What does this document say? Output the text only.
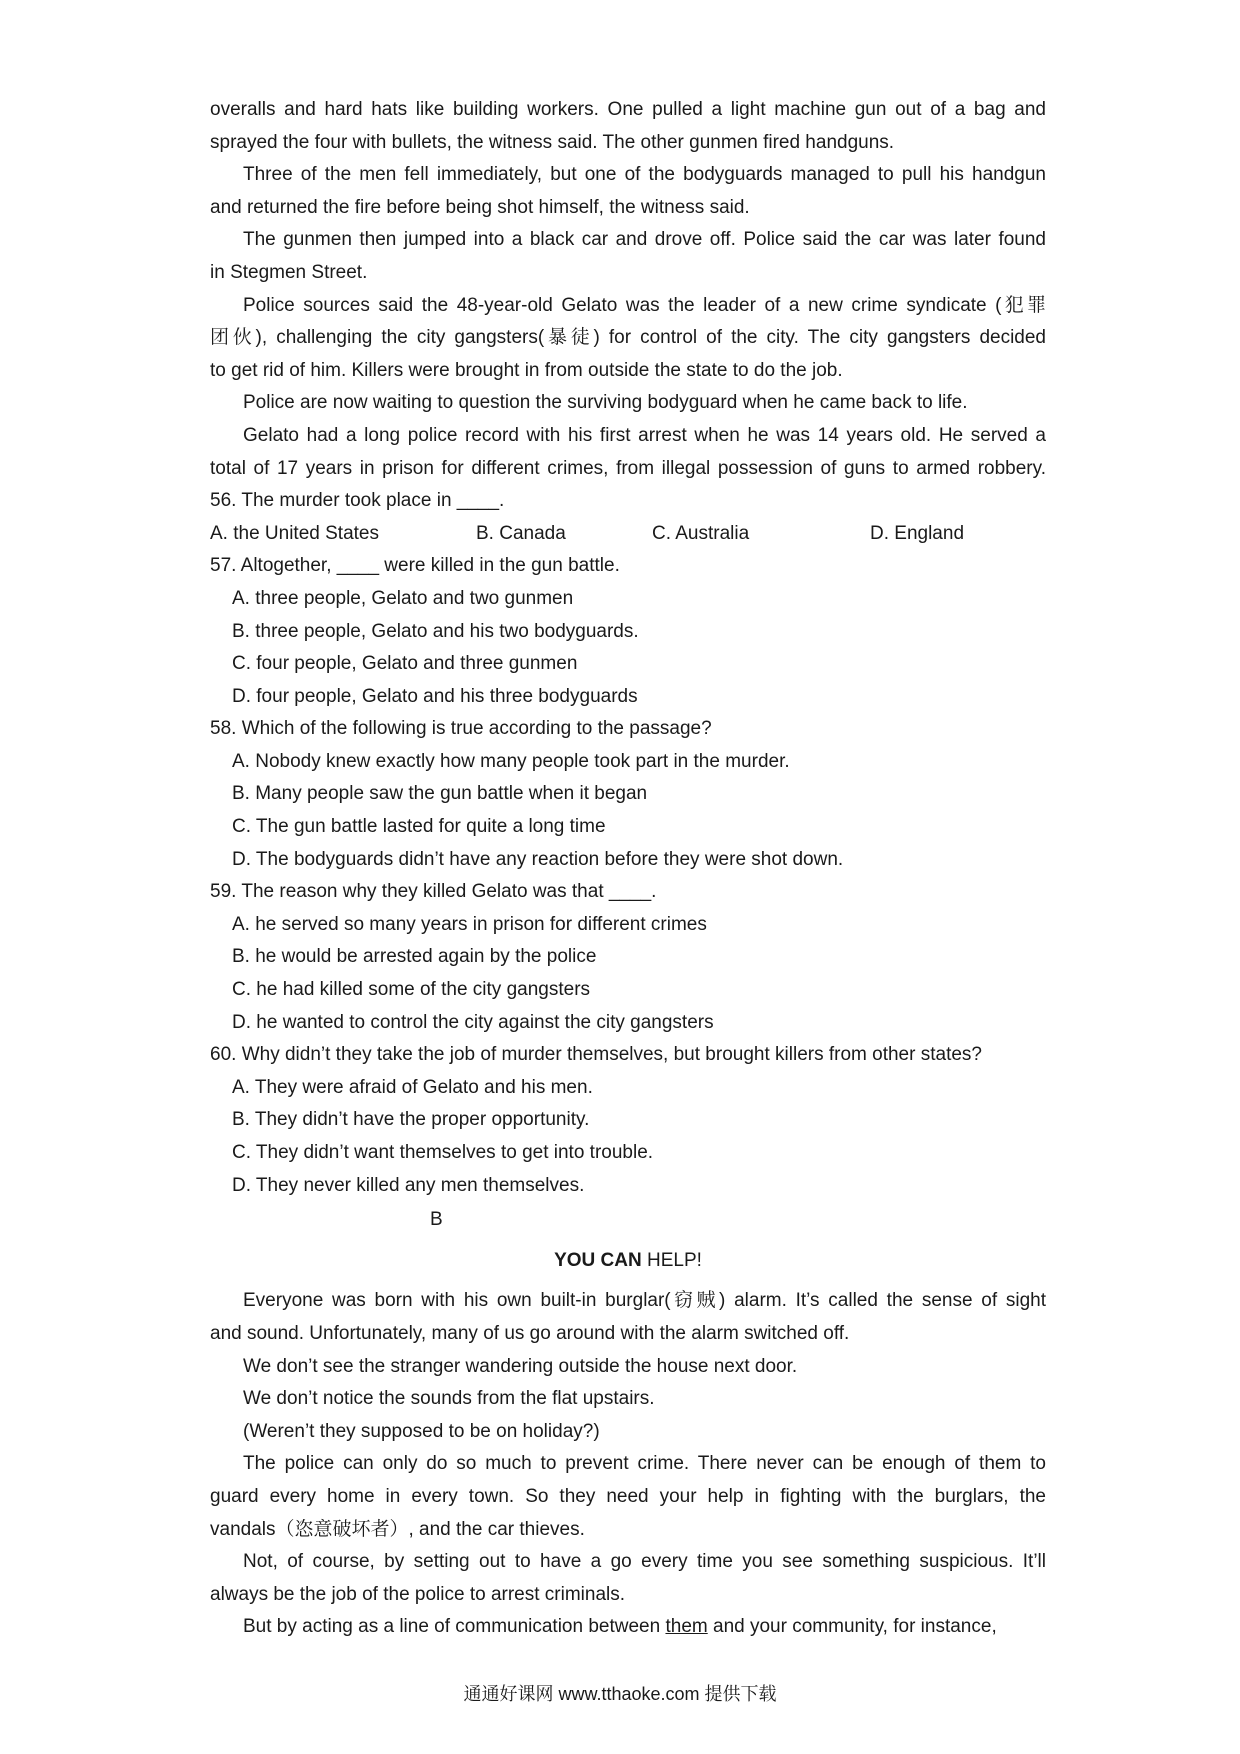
overalls and hard hats like building workers. One pulled a light machine gun out of a bag and
sprayed the four with bullets, the witness said. The other gunmen fired handguns.
Three of the men fell immediately, but one of the bodyguards managed to pull his handgun
and returned the fire before being shot himself, the witness said.
The gunmen then jumped into a black car and drove off. Police said the car was later found
in Stegmen Street.
Police sources said the 48-year-old Gelato was the leader of a new crime syndicate (犯罪
团伙), challenging the city gangsters(暴徒) for control of the city. The city gangsters decided
to get rid of him. Killers were brought in from outside the state to do the job.
Police are now waiting to question the surviving bodyguard when he came back to life.
Gelato had a long police record with his first arrest when he was 14 years old. He served a
total of 17 years in prison for different crimes, from illegal possession of guns to armed robbery.
56. The murder took place in ____.
A. the United States	B. Canada	C. Australia	D. England
57. Altogether, ____ were killed in the gun battle.
A. three people, Gelato and two gunmen
B. three people, Gelato and his two bodyguards.
C. four people, Gelato and three gunmen
D. four people, Gelato and his three bodyguards
58. Which of the following is true according to the passage?
A. Nobody knew exactly how many people took part in the murder.
B. Many people saw the gun battle when it began
C. The gun battle lasted for quite a long time
D. The bodyguards didn’t have any reaction before they were shot down.
59. The reason why they killed Gelato was that ____.
A. he served so many years in prison for different crimes
B. he would be arrested again by the police
C. he had killed some of the city gangsters
D. he wanted to control the city against the city gangsters
60. Why didn’t they take the job of murder themselves, but brought killers from other states?
A. They were afraid of Gelato and his men.
B. They didn’t have the proper opportunity.
C. They didn’t want themselves to get into trouble.
D. They never killed any men themselves.
B
YOU CAN HELP!
Everyone was born with his own built-in burglar(窃贼) alarm. It’s called the sense of sight
and sound. Unfortunately, many of us go around with the alarm switched off.
We don’t see the stranger wandering outside the house next door.
We don’t notice the sounds from the flat upstairs.
(Weren’t they supposed to be on holiday?)
The police can only do so much to prevent crime. There never can be enough of them to
guard every home in every town. So they need your help in fighting with the burglars, the
vandals（恣意破坏者）, and the car thieves.
Not, of course, by setting out to have a go every time you see something suspicious. It’ll
always be the job of the police to arrest criminals.
But by acting as a line of communication between them and your community, for instance,
通通好课网 www.tthaoke.com 提供下载
